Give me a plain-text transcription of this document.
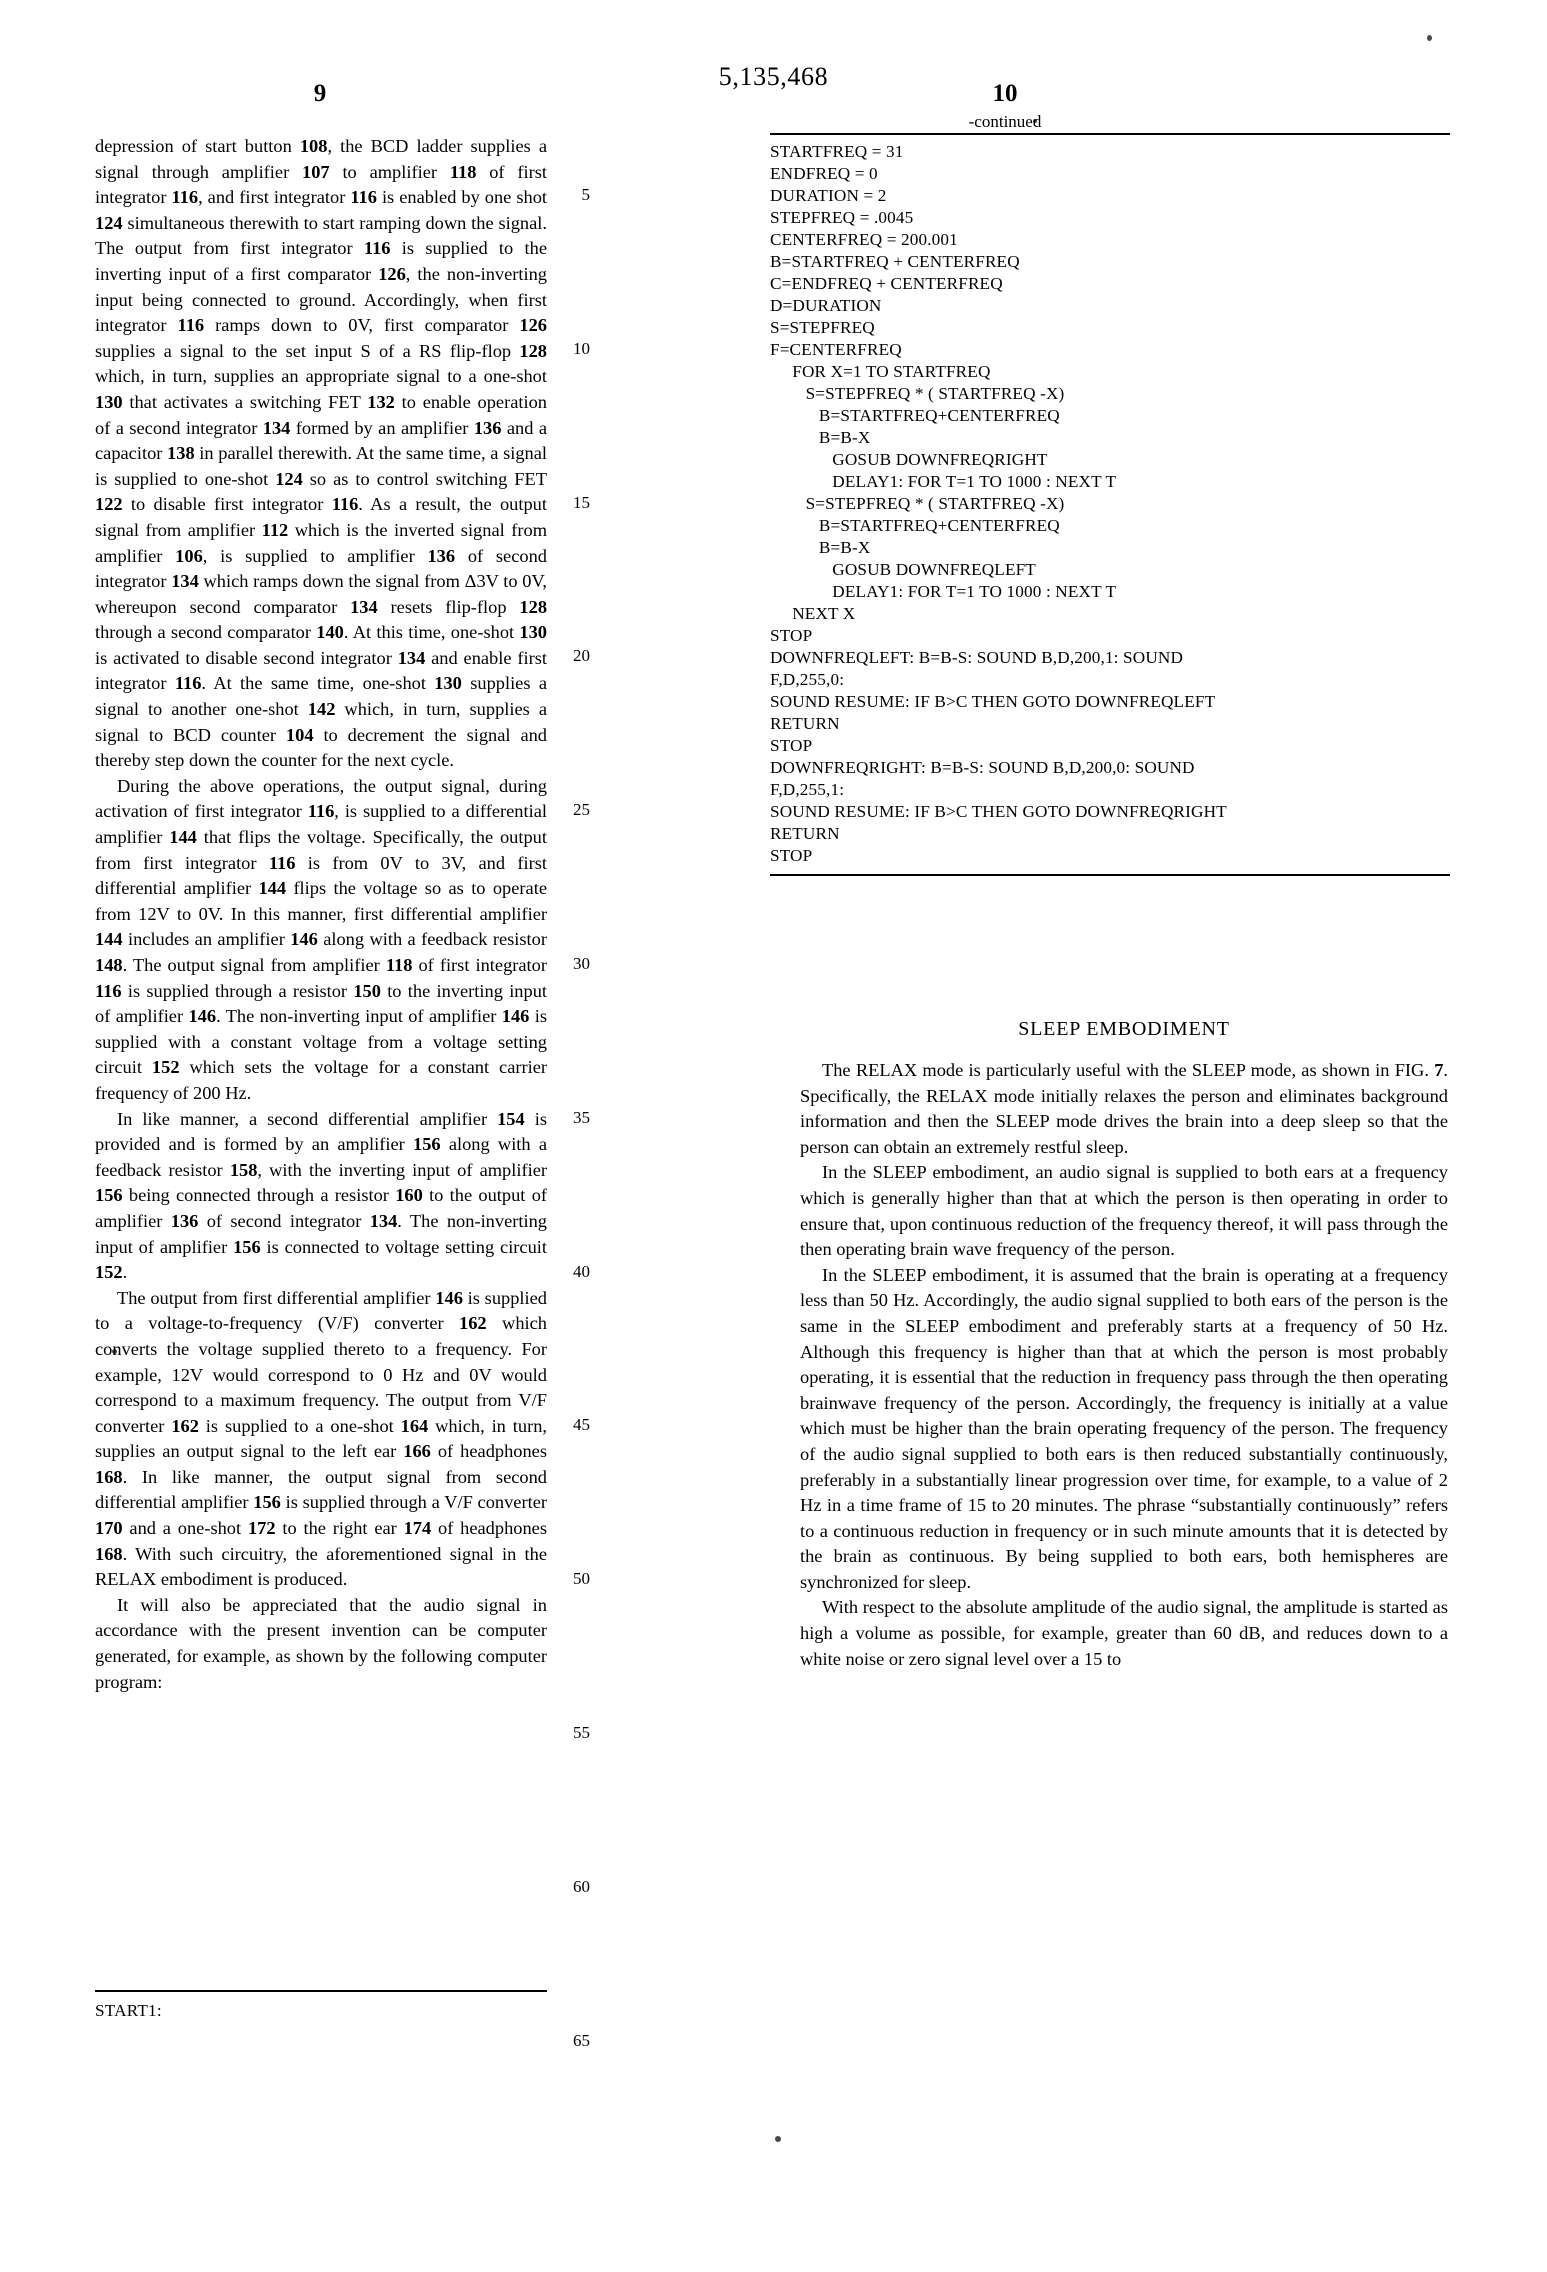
5,135,468
9	10
-continued

depression of start button 108, the BCD ladder supplies a signal through amplifier 107 to amplifier 118 of first integrator 116, and first integrator 116 is enabled by one shot 124 simultaneous therewith to start ramping down the signal. The output from first integrator 116 is supplied to the inverting input of a first comparator 126, the non-inverting input being connected to ground. Accordingly, when first integrator 116 ramps down to 0V, first comparator 126 supplies a signal to the set input S of a RS flip-flop 128 which, in turn, supplies an appropriate signal to a one-shot 130 that activates a switching FET 132 to enable operation of a second integrator 134 formed by an amplifier 136 and a capacitor 138 in parallel therewith. At the same time, a signal is supplied to one-shot 124 so as to control switching FET 122 to disable first integrator 116. As a result, the output signal from amplifier 112 which is the inverted signal from amplifier 106, is supplied to amplifier 136 of second integrator 134 which ramps down the signal from Δ3V to 0V, whereupon second comparator 134 resets flip-flop 128 through a second comparator 140. At this time, one-shot 130 is activated to disable second integrator 134 and enable first integrator 116. At the same time, one-shot 130 supplies a signal to another one-shot 142 which, in turn, supplies a signal to BCD counter 104 to decrement the signal and thereby step down the counter for the next cycle.

During the above operations, the output signal, during activation of first integrator 116, is supplied to a differential amplifier 144 that flips the voltage. Specifically, the output from first integrator 116 is from 0V to 3V, and first differential amplifier 144 flips the voltage so as to operate from 12V to 0V. In this manner, first differential amplifier 144 includes an amplifier 146 along with a feedback resistor 148. The output signal from amplifier 118 of first integrator 116 is supplied through a resistor 150 to the inverting input of amplifier 146. The non-inverting input of amplifier 146 is supplied with a constant voltage from a voltage setting circuit 152 which sets the voltage for a constant carrier frequency of 200 Hz.

In like manner, a second differential amplifier 154 is provided and is formed by an amplifier 156 along with a feedback resistor 158, with the inverting input of amplifier 156 being connected through a resistor 160 to the output of amplifier 136 of second integrator 134. The non-inverting input of amplifier 156 is connected to voltage setting circuit 152.

The output from first differential amplifier 146 is supplied to a voltage-to-frequency (V/F) converter 162 which converts the voltage supplied thereto to a frequency. For example, 12V would correspond to 0 Hz and 0V would correspond to a maximum frequency. The output from V/F converter 162 is supplied to a one-shot 164 which, in turn, supplies an output signal to the left ear 166 of headphones 168. In like manner, the output signal from second differential amplifier 156 is supplied through a V/F converter 170 and a one-shot 172 to the right ear 174 of headphones 168. With such circuitry, the aforementioned signal in the RELAX embodiment is produced.

It will also be appreciated that the audio signal in accordance with the present invention can be computer generated, for example, as shown by the following computer program:

5
10
15
20
25
30
35
40
45
50
55
60
65
STARTFREQ = 31
ENDFREQ = 0
DURATION = 2
STEPFREQ = .0045
CENTERFREQ = 200.001
B=STARTFREQ + CENTERFREQ
C=ENDFREQ + CENTERFREQ
D=DURATION
S=STEPFREQ
F=CENTERFREQ
FOR X=1 TO STARTFREQ
S=STEPFREQ * ( STARTFREQ -X)
B=STARTFREQ+CENTERFREQ
B=B-X
GOSUB DOWNFREQRIGHT
DELAY1: FOR T=1 TO 1000 : NEXT T
S=STEPFREQ * ( STARTFREQ -X)
B=STARTFREQ+CENTERFREQ
B=B-X
GOSUB DOWNFREQLEFT
DELAY1: FOR T=1 TO 1000 : NEXT T
NEXT X
STOP
DOWNFREQLEFT: B=B-S: SOUND B,D,200,1: SOUND
F,D,255,0:
SOUND RESUME: IF B>C THEN GOTO DOWNFREQLEFT
RETURN
STOP
DOWNFREQRIGHT: B=B-S: SOUND B,D,200,0: SOUND
F,D,255,1:
SOUND RESUME: IF B>C THEN GOTO DOWNFREQRIGHT
RETURN
STOP
SLEEP EMBODIMENT

The RELAX mode is particularly useful with the SLEEP mode, as shown in FIG. 7. Specifically, the RELAX mode initially relaxes the person and eliminates background information and then the SLEEP mode drives the brain into a deep sleep so that the person can obtain an extremely restful sleep.

In the SLEEP embodiment, an audio signal is supplied to both ears at a frequency which is generally higher than that at which the person is then operating in order to ensure that, upon continuous reduction of the frequency thereof, it will pass through the then operating brain wave frequency of the person.

In the SLEEP embodiment, it is assumed that the brain is operating at a frequency less than 50 Hz. Accordingly, the audio signal supplied to both ears of the person is the same in the SLEEP embodiment and preferably starts at a frequency of 50 Hz. Although this frequency is higher than that at which the person is most probably operating, it is essential that the reduction in frequency pass through the then operating brainwave frequency of the person. Accordingly, the frequency is initially at a value which must be higher than the brain operating frequency of the person. The frequency of the audio signal supplied to both ears is then reduced substantially continuously, preferably in a substantially linear progression over time, for example, to a value of 2 Hz in a time frame of 15 to 20 minutes. The phrase “substantially continuously” refers to a continuous reduction in frequency or in such minute amounts that it is detected by the brain as continuous. By being supplied to both ears, both hemispheres are synchronized for sleep.

With respect to the absolute amplitude of the audio signal, the amplitude is started as high a volume as possible, for example, greater than 60 dB, and reduces down to a white noise or zero signal level over a 15 to

START1:
